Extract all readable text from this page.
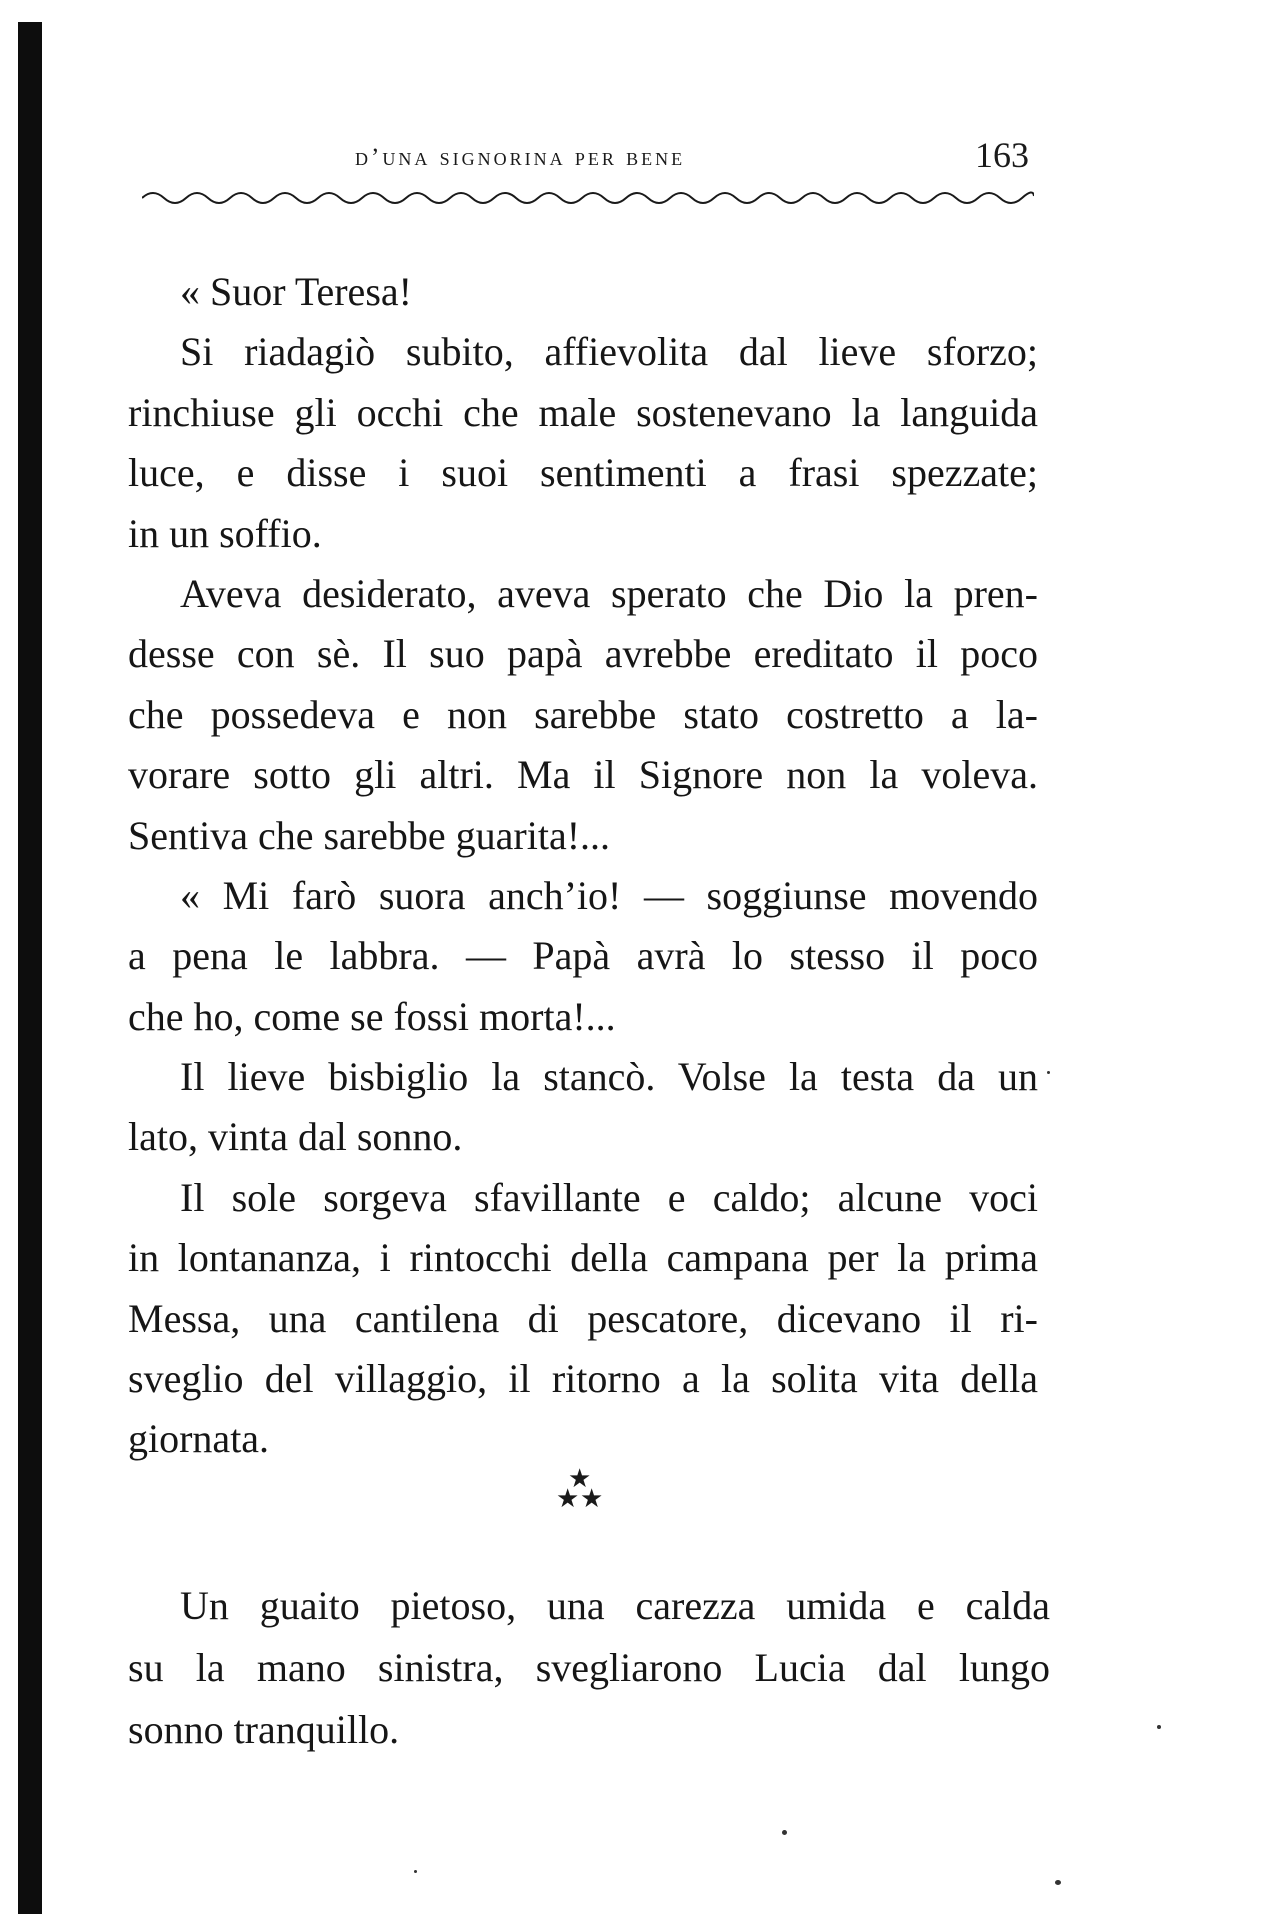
d’una signorina per bene	163
« Suor Teresa!
Si riadagiò subito, affievolita dal lieve sforzo;
rinchiuse gli occhi che male sostenevano la languida
luce, e disse i suoi sentimenti a frasi spezzate;
in un soffio.
Aveva desiderato, aveva sperato che Dio la pren-
desse con sè. Il suo papà avrebbe ereditato il poco
che possedeva e non sarebbe stato costretto a la-
vorare sotto gli altri. Ma il Signore non la voleva.
Sentiva che sarebbe guarita!...
« Mi farò suora anch’io! — soggiunse movendo
a pena le labbra. — Papà avrà lo stesso il poco
che ho, come se fossi morta!...
Il lieve bisbiglio la stancò. Volse la testa da un
lato, vinta dal sonno.
Il sole sorgeva sfavillante e caldo; alcune voci
in lontananza, i rintocchi della campana per la prima
Messa, una cantilena di pescatore, dicevano il ri-
sveglio del villaggio, il ritorno a la solita vita della
giornata.
★
★ ★
Un guaito pietoso, una carezza umida e calda
su la mano sinistra, svegliarono Lucia dal lungo
sonno tranquillo.
